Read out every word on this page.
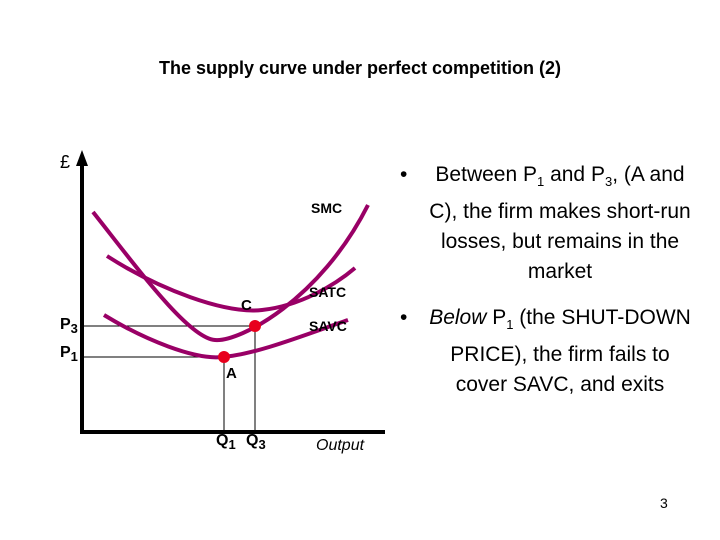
The supply curve under perfect competition (2)
£
Output
$P_3$
$P_1$
$Q_1$ $Q_3$
SMC
SATC
SAVC
C
A
• Between $P_1$ and $P_3$, (A and C), the firm makes short-run losses, but remains in the market
• Below $P_1$ (the SHUT-DOWN PRICE), the firm fails to cover SAVC, and exits
3
